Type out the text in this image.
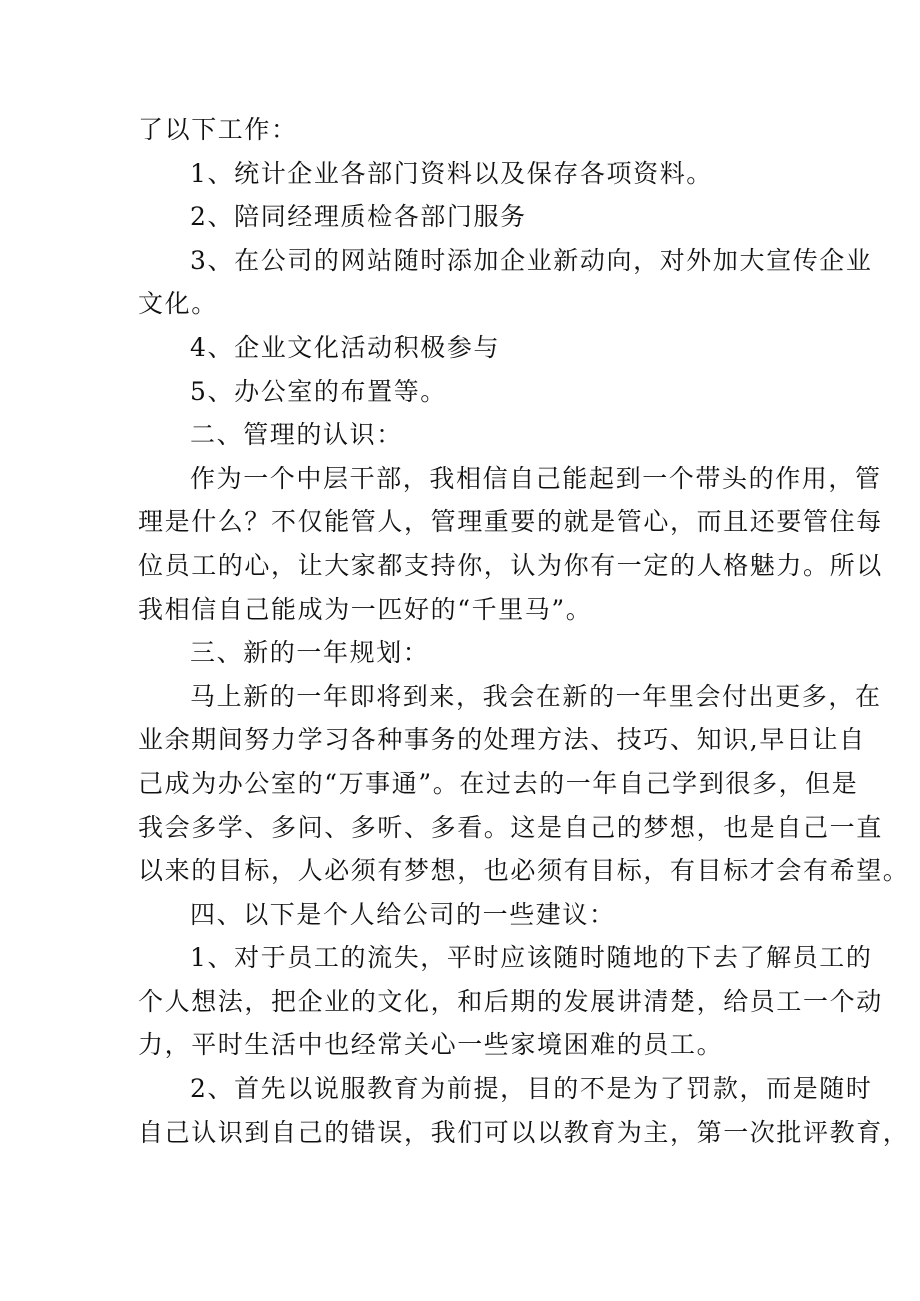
了以下工作：

1、统计企业各部门资料以及保存各项资料。

2、陪同经理质检各部门服务

3、在公司的网站随时添加企业新动向，对外加大宣传企业
文化。

4、企业文化活动积极参与

5、办公室的布置等。

二、管理的认识：

作为一个中层干部，我相信自己能起到一个带头的作用，管
理是什么？不仅能管人，管理重要的就是管心，而且还要管住每
位员工的心，让大家都支持你，认为你有一定的人格魅力。所以
我相信自己能成为一匹好的“千里马”。

三、新的一年规划：

马上新的一年即将到来，我会在新的一年里会付出更多，在
业余期间努力学习各种事务的处理方法、技巧、知识,早日让自
己成为办公室的“万事通”。在过去的一年自己学到很多，但是
我会多学、多问、多听、多看。这是自己的梦想，也是自己一直
以来的目标，人必须有梦想，也必须有目标，有目标才会有希望。

四、以下是个人给公司的一些建议：

1、对于员工的流失，平时应该随时随地的下去了解员工的
个人想法，把企业的文化，和后期的发展讲清楚，给员工一个动
力，平时生活中也经常关心一些家境困难的员工。

2、首先以说服教育为前提，目的不是为了罚款，而是随时
自己认识到自己的错误，我们可以以教育为主，第一次批评教育，
